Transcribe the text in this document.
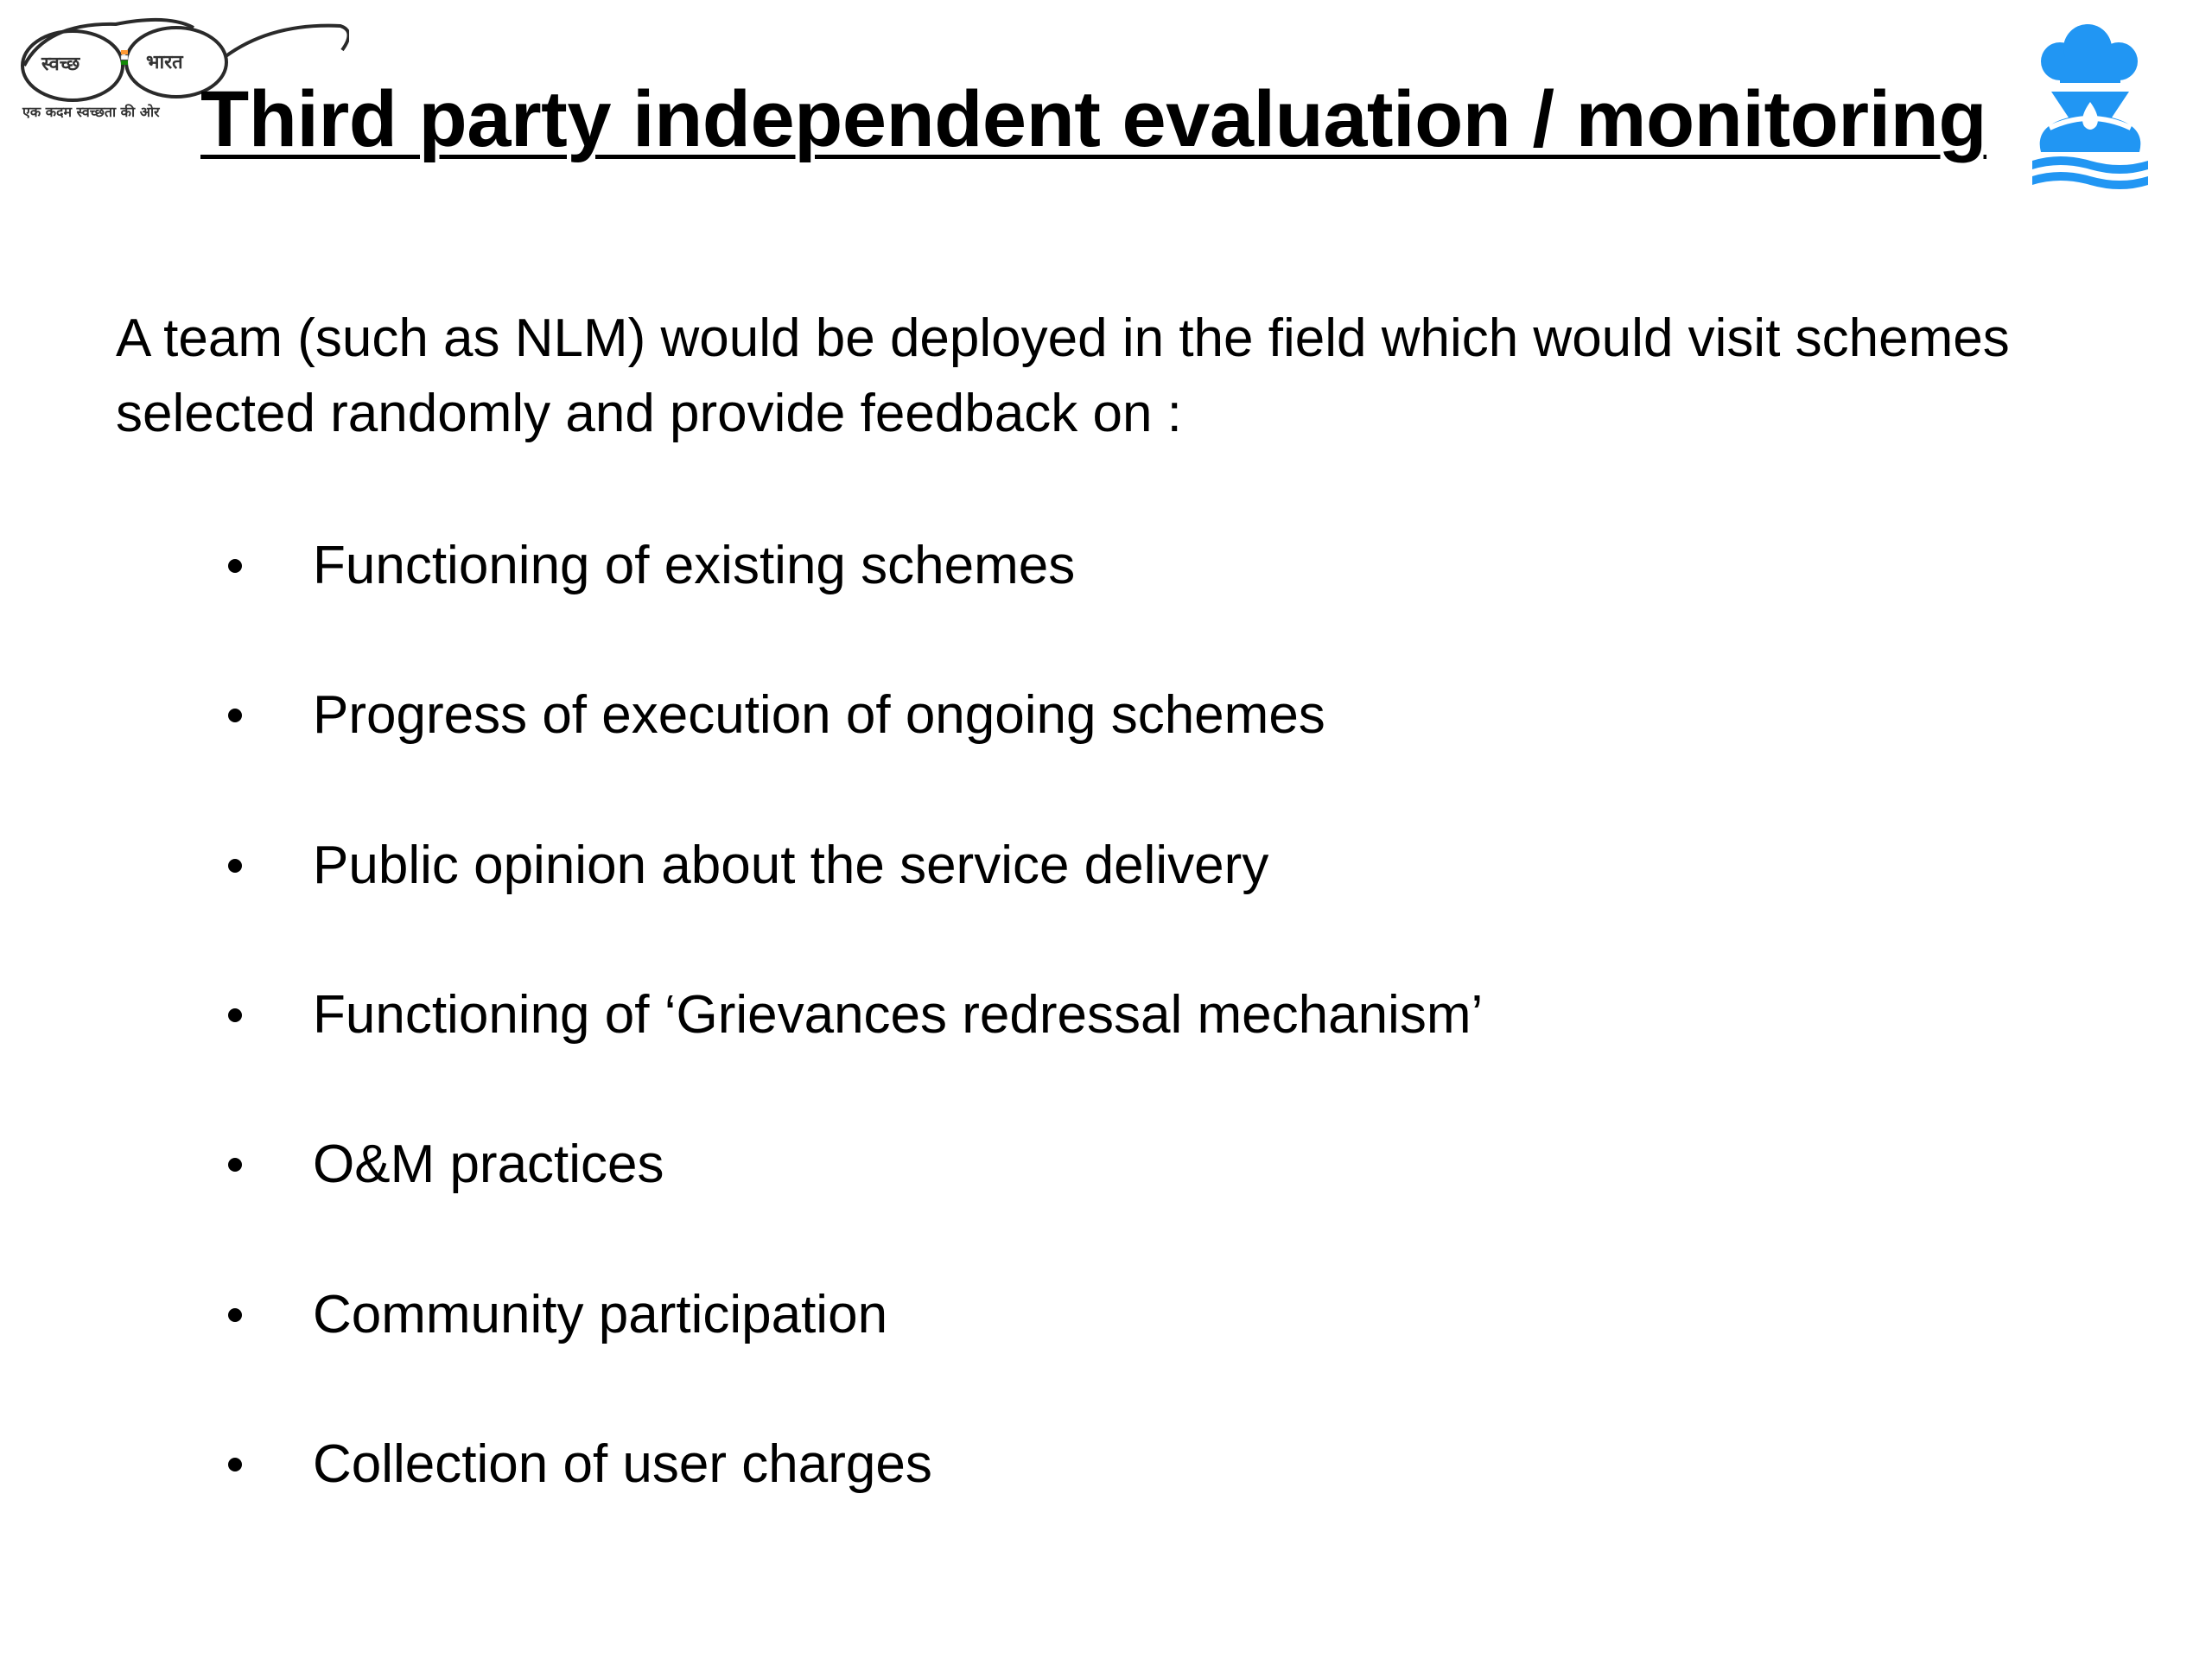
स्वच्छ	भारत
एक कदम स्वच्छता की ओर Third party independent evaluation / monitoring
A team (such as NLM) would be deployed in the field which would visit schemes selected randomly and provide feedback on :
Functioning of existing schemes
Progress of execution of ongoing schemes
Public opinion about the service delivery
Functioning of ‘Grievances redressal mechanism’
O&M practices
Community participation
Collection of user charges
